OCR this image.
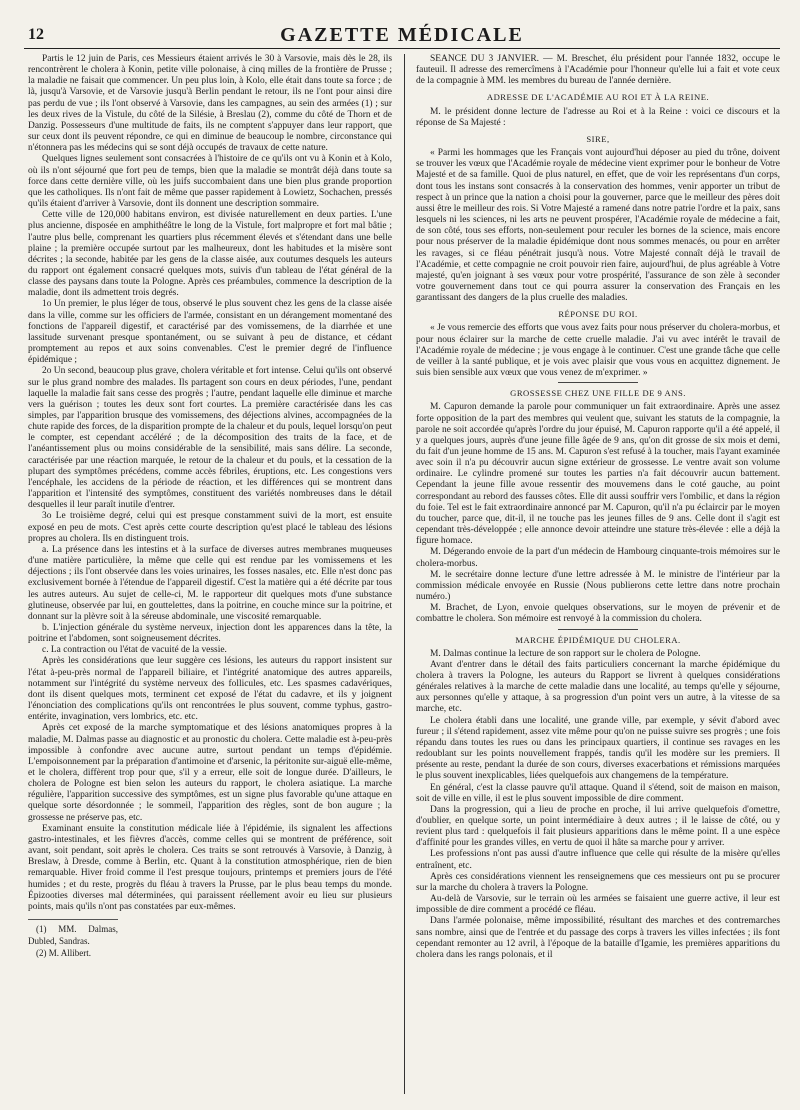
12	GAZETTE MÉDICALE

Partis le 12 juin de Paris, ces Messieurs étaient arrivés le 30 à Varsovie, mais dès le 28, ils rencontrèrent le cholera à Konin, petite ville polonaise, à cinq milles de la frontière de Prusse ; la maladie ne faisait que commencer. Un peu plus loin, à Kolo, elle était dans toute sa force ; de là, jusqu'à Varsovie, et de Varsovie jusqu'à Berlin pendant le retour, ils ne l'ont pour ainsi dire pas perdu de vue ; ils l'ont observé à Varsovie, dans les campagnes, au sein des armées (1) ; sur les deux rives de la Vistule, du côté de la Silésie, à Breslau (2), comme du côté de Thorn et de Danzig. Possesseurs d'une multitude de faits, ils ne comptent s'appuyer dans leur rapport, que sur ceux dont ils peuvent répondre, ce qui en diminue de beaucoup le nombre, circonstance qui n'étonnera pas les médecins qui se sont déjà occupés de travaux de cette nature.

Quelques lignes seulement sont consacrées à l'histoire de ce qu'ils ont vu à Konin et à Kolo, où ils n'ont séjourné que fort peu de temps, bien que la maladie se montrât déjà dans toute sa force dans cette dernière ville, où les juifs succombaient dans une bien plus grande proportion que les catholiques. Ils n'ont fait de même que passer rapidement à Lowietz, Sochachen, pressés qu'ils étaient d'arriver à Varsovie, dont ils donnent une description sommaire.

Cette ville de 120,000 habitans environ, est divisée naturellement en deux parties. L'une plus ancienne, disposée en amphithéâtre le long de la Vistule, fort malpropre et fort mal bâtie ; l'autre plus belle, comprenant les quartiers plus récemment élevés et s'étendant dans une belle plaine ; la première occupée surtout par les malheureux, dont les habitudes et la misère sont décrites ; la seconde, habitée par les gens de la classe aisée, aux coutumes desquels les auteurs du rapport ont également consacré quelques mots, suivis d'un tableau de l'état général de la classe des paysans dans toute la Pologne. Après ces préambules, commence la description de la maladie, dont ils admettent trois degrés.

1o Un premier, le plus léger de tous, observé le plus souvent chez les gens de la classe aisée dans la ville, comme sur les officiers de l'armée, consistant en un dérangement momentané des fonctions de l'appareil digestif, et caractérisé par des vomissemens, de la diarrhée et une lassitude survenant presque spontanément, ou se suivant à peu de distance, et cédant promptement au repos et aux soins convenables. C'est le premier degré de l'influence épidémique ;

2o Un second, beaucoup plus grave, cholera véritable et fort intense. Celui qu'ils ont observé sur le plus grand nombre des malades. Ils partagent son cours en deux périodes, l'une, pendant laquelle la maladie fait sans cesse des progrès ; l'autre, pendant laquelle elle diminue et marche vers la guérison ; toutes les deux sont fort courtes. La première caractérisée dans les cas simples, par l'apparition brusque des vomissemens, des déjections alvines, accompagnées de la chute rapide des forces, de la disparition prompte de la chaleur et du pouls, lequel lorsqu'on peut le compter, est cependant accéléré ; de la décomposition des traits de la face, et de l'anéantissement plus ou moins considérable de la sensibilité, mais sans délire. La seconde, caractérisée par une réaction marquée, le retour de la chaleur et du pouls, et la cessation de la plupart des symptômes précédens, comme accès fébriles, éruptions, etc. Les congestions vers l'encéphale, les accidens de la période de réaction, et les différences qui se montrent dans l'apparition et l'intensité des symptômes, constituent des variétés nombreuses dans le détail desquelles il leur paraît inutile d'entrer.

3o Le troisième degré, celui qui est presque constamment suivi de la mort, est ensuite exposé en peu de mots. C'est après cette courte description qu'est placé le tableau des lésions propres au cholera. Ils en distinguent trois.

a. La présence dans les intestins et à la surface de diverses autres membranes muqueuses d'une matière particulière, la même que celle qui est rendue par les vomissemens et les déjections ; ils l'ont observée dans les voies urinaires, les fosses nasales, etc. Elle n'est donc pas exclusivement bornée à l'étendue de l'appareil digestif. C'est la matière qui a été décrite par tous les autres auteurs. Au sujet de celle-ci, M. le rapporteur dit quelques mots d'une substance glutineuse, observée par lui, en gouttelettes, dans la poitrine, en couche mince sur la poitrine, et donnant sur la plèvre soit à la séreuse abdominale, une viscosité remarquable.

b. L'injection générale du système nerveux, injection dont les apparences dans la tête, la poitrine et l'abdomen, sont soigneusement décrites.

c. La contraction ou l'état de vacuité de la vessie.

Après les considérations que leur suggère ces lésions, les auteurs du rapport insistent sur l'état à-peu-près normal de l'appareil biliaire, et l'intégrité anatomique des autres appareils, notamment sur l'intégrité du système nerveux des follicules, etc. Les spasmes cadavériques, dont ils disent quelques mots, terminent cet exposé de l'état du cadavre, et ils y joignent l'énonciation des complications qu'ils ont rencontrées le plus souvent, comme typhus, gastro-entérite, invagination, vers lombrics, etc. etc.

Après cet exposé de la marche symptomatique et des lésions anatomiques propres à la maladie, M. Dalmas passe au diagnostic et au pronostic du cholera. Cette maladie est à-peu-près impossible à confondre avec aucune autre, surtout pendant un temps d'épidémie. L'empoisonnement par la préparation d'antimoine et d'arsenic, la péritonite sur-aiguë elle-même, et le cholera, diffèrent trop pour que, s'il y a erreur, elle soit de longue durée. D'ailleurs, le cholera de Pologne est bien selon les auteurs du rapport, le cholera asiatique. La marche régulière, l'apparition successive des symptômes, est un signe plus favorable qu'une attaque en quelque sorte désordonnée ; le sommeil, l'apparition des règles, sont de bon augure ; la grossesse ne préserve pas, etc.

Examinant ensuite la constitution médicale liée à l'épidémie, ils signalent les affections gastro-intestinales, et les fièvres d'accès, comme celles qui se montrent de préférence, soit avant, soit pendant, soit après le cholera. Ces traits se sont retrouvés à Varsovie, à Danzig, à Breslaw, à Dresde, comme à Berlin, etc. Quant à la constitution atmosphérique, rien de bien remarquable. Hiver froid comme il l'est presque toujours, printemps et premiers jours de l'été humides ; et du reste, progrès du fléau à travers la Prusse, par le plus beau temps du monde. Épizooties diverses mal déterminées, qui paraissent réellement avoir eu lieu sur plusieurs points, mais qu'ils n'ont pas constatées par eux-mêmes.

(1) MM. Dalmas, Dubled, Sandras.
(2) M. Allibert.

SÉANCE DU 3 JANVIER. — M. Breschet, élu président pour l'année 1832, occupe le fauteuil. Il adresse des remercîmens à l'Académie pour l'honneur qu'elle lui a fait et vote ceux de la compagnie à MM. les membres du bureau de l'année dernière.

ADRESSE DE L'ACADÉMIE AU ROI ET À LA REINE.

M. le président donne lecture de l'adresse au Roi et à la Reine : voici ce discours et la réponse de Sa Majesté :

SIRE,

« Parmi les hommages que les Français vont aujourd'hui déposer au pied du trône, doivent se trouver les vœux que l'Académie royale de médecine vient exprimer pour le bonheur de Votre Majesté et de sa famille. Quoi de plus naturel, en effet, que de voir les représentans d'un corps, dont tous les instans sont consacrés à la conservation des hommes, venir apporter un tribut de respect à un prince que la nation a choisi pour la gouverner, parce que le meilleur des pères doit aussi être le meilleur des rois. Si Votre Majesté a ramené dans notre patrie l'ordre et la paix, sans lesquels ni les sciences, ni les arts ne peuvent prospérer, l'Académie royale de médecine a fait, de son côté, tous ses efforts, non-seulement pour reculer les bornes de la science, mais encore pour nous préserver de la maladie épidémique dont nous sommes menacés, ou pour en arrêter les ravages, si ce fléau pénétrait jusqu'à nous. Votre Majesté connaît déjà le travail de l'Académie, et cette compagnie ne croit pouvoir rien faire, aujourd'hui, de plus agréable à Votre majesté, qu'en joignant à ses vœux pour votre prospérité, l'assurance de son zèle à seconder votre gouvernement dans tout ce qui pourra assurer la conservation des Français en les garantissant des dangers de la plus cruelle des maladies.

RÉPONSE DU ROI.

« Je vous remercie des efforts que vous avez faits pour nous préserver du cholera-morbus, et pour nous éclairer sur la marche de cette cruelle maladie. J'ai vu avec intérêt le travail de l'Académie royale de médecine ; je vous engage à le continuer. C'est une grande tâche que celle de veiller à la santé publique, et je vois avec plaisir que vous vous en acquittez dignement. Je suis bien sensible aux vœux que vous venez de m'exprimer. »

GROSSESSE CHEZ UNE FILLE DE 9 ANS.

M. Capuron demande la parole pour communiquer un fait extraordinaire. Après une assez forte opposition de la part des membres qui veulent que, suivant les statuts de la compagnie, la parole ne soit accordée qu'après l'ordre du jour épuisé, M. Capuron rapporte qu'il a été appelé, il y a quelques jours, auprès d'une jeune fille âgée de 9 ans, qu'on dit grosse de six mois et demi, du fait d'un jeune homme de 15 ans. M. Capuron s'est refusé à la toucher, mais l'ayant examinée avec soin il n'a pu découvrir aucun signe extérieur de grossesse. Le ventre avait son volume ordinaire. Le cylindre promené sur toutes les parties n'a fait découvrir aucun battement. Cependant la jeune fille avoue ressentir des mouvemens dans le coté gauche, au point correspondant au rebord des fausses côtes. Elle dit aussi souffrir vers l'ombilic, et dans la région du foie. Tel est le fait extraordinaire annoncé par M. Capuron, qu'il n'a pu éclaircir par le moyen du toucher, parce que, dit-il, il ne touche pas les jeunes filles de 9 ans. Celle dont il s'agit est cependant très-développée ; elle annonce devoir atteindre une stature très-élevée : elle a déjà la figure homace.

M. Dégerando envoie de la part d'un médecin de Hambourg cinquante-trois mémoires sur le cholera-morbus.

M. le secrétaire donne lecture d'une lettre adressée à M. le ministre de l'intérieur par la commission médicale envoyée en Russie (Nous publierons cette lettre dans notre prochain numéro.)

M. Brachet, de Lyon, envoie quelques observations, sur le moyen de prévenir et de combattre le cholera. Son mémoire est renvoyé à la commission du cholera.

MARCHE ÉPIDÉMIQUE DU CHOLERA.

M. Dalmas continue la lecture de son rapport sur le cholera de Pologne.

Avant d'entrer dans le détail des faits particuliers concernant la marche épidémique du cholera à travers la Pologne, les auteurs du Rapport se livrent à quelques considérations générales relatives à la marche de cette maladie dans une localité, au temps qu'elle y séjourne, aux personnes qu'elle y attaque, à sa progression d'un point vers un autre, à la vitesse de sa marche, etc.

Le cholera établi dans une localité, une grande ville, par exemple, y sévit d'abord avec fureur ; il s'étend rapidement, assez vite même pour qu'on ne puisse suivre ses progrès ; une fois répandu dans toutes les rues ou dans les principaux quartiers, il continue ses ravages en les redoublant sur les points nouvellement frappés, tandis qu'il les modère sur les premiers. Il présente au reste, pendant la durée de son cours, diverses exacerbations et rémissions marquées le plus souvent inexplicables, liées quelquefois aux changemens de la température.

En général, c'est la classe pauvre qu'il attaque. Quand il s'étend, soit de maison en maison, soit de ville en ville, il est le plus souvent impossible de dire comment.

Dans la progression, qui a lieu de proche en proche, il lui arrive quelquefois d'omettre, d'oublier, en quelque sorte, un point intermédiaire à deux autres ; il le laisse de côté, ou y revient plus tard : quelquefois il fait plusieurs apparitions dans le même point. Il a une espèce d'affinité pour les grandes villes, en vertu de quoi il hâte sa marche pour y arriver.

Les professions n'ont pas aussi d'autre influence que celle qui résulte de la misère qu'elles entraînent, etc.

Après ces considérations viennent les renseignemens que ces messieurs ont pu se procurer sur la marche du cholera à travers la Pologne.

Au-delà de Varsovie, sur le terrain où les armées se faisaient une guerre active, il leur est impossible de dire comment a procédé ce fléau.

Dans l'armée polonaise, même impossibilité, résultant des marches et des contremarches sans nombre, ainsi que de l'entrée et du passage des corps à travers les villes infectées ; ils font cependant remonter au 12 avril, à l'époque de la bataille d'Igamie, les premières apparitions du cholera dans les rangs polonais, et il
